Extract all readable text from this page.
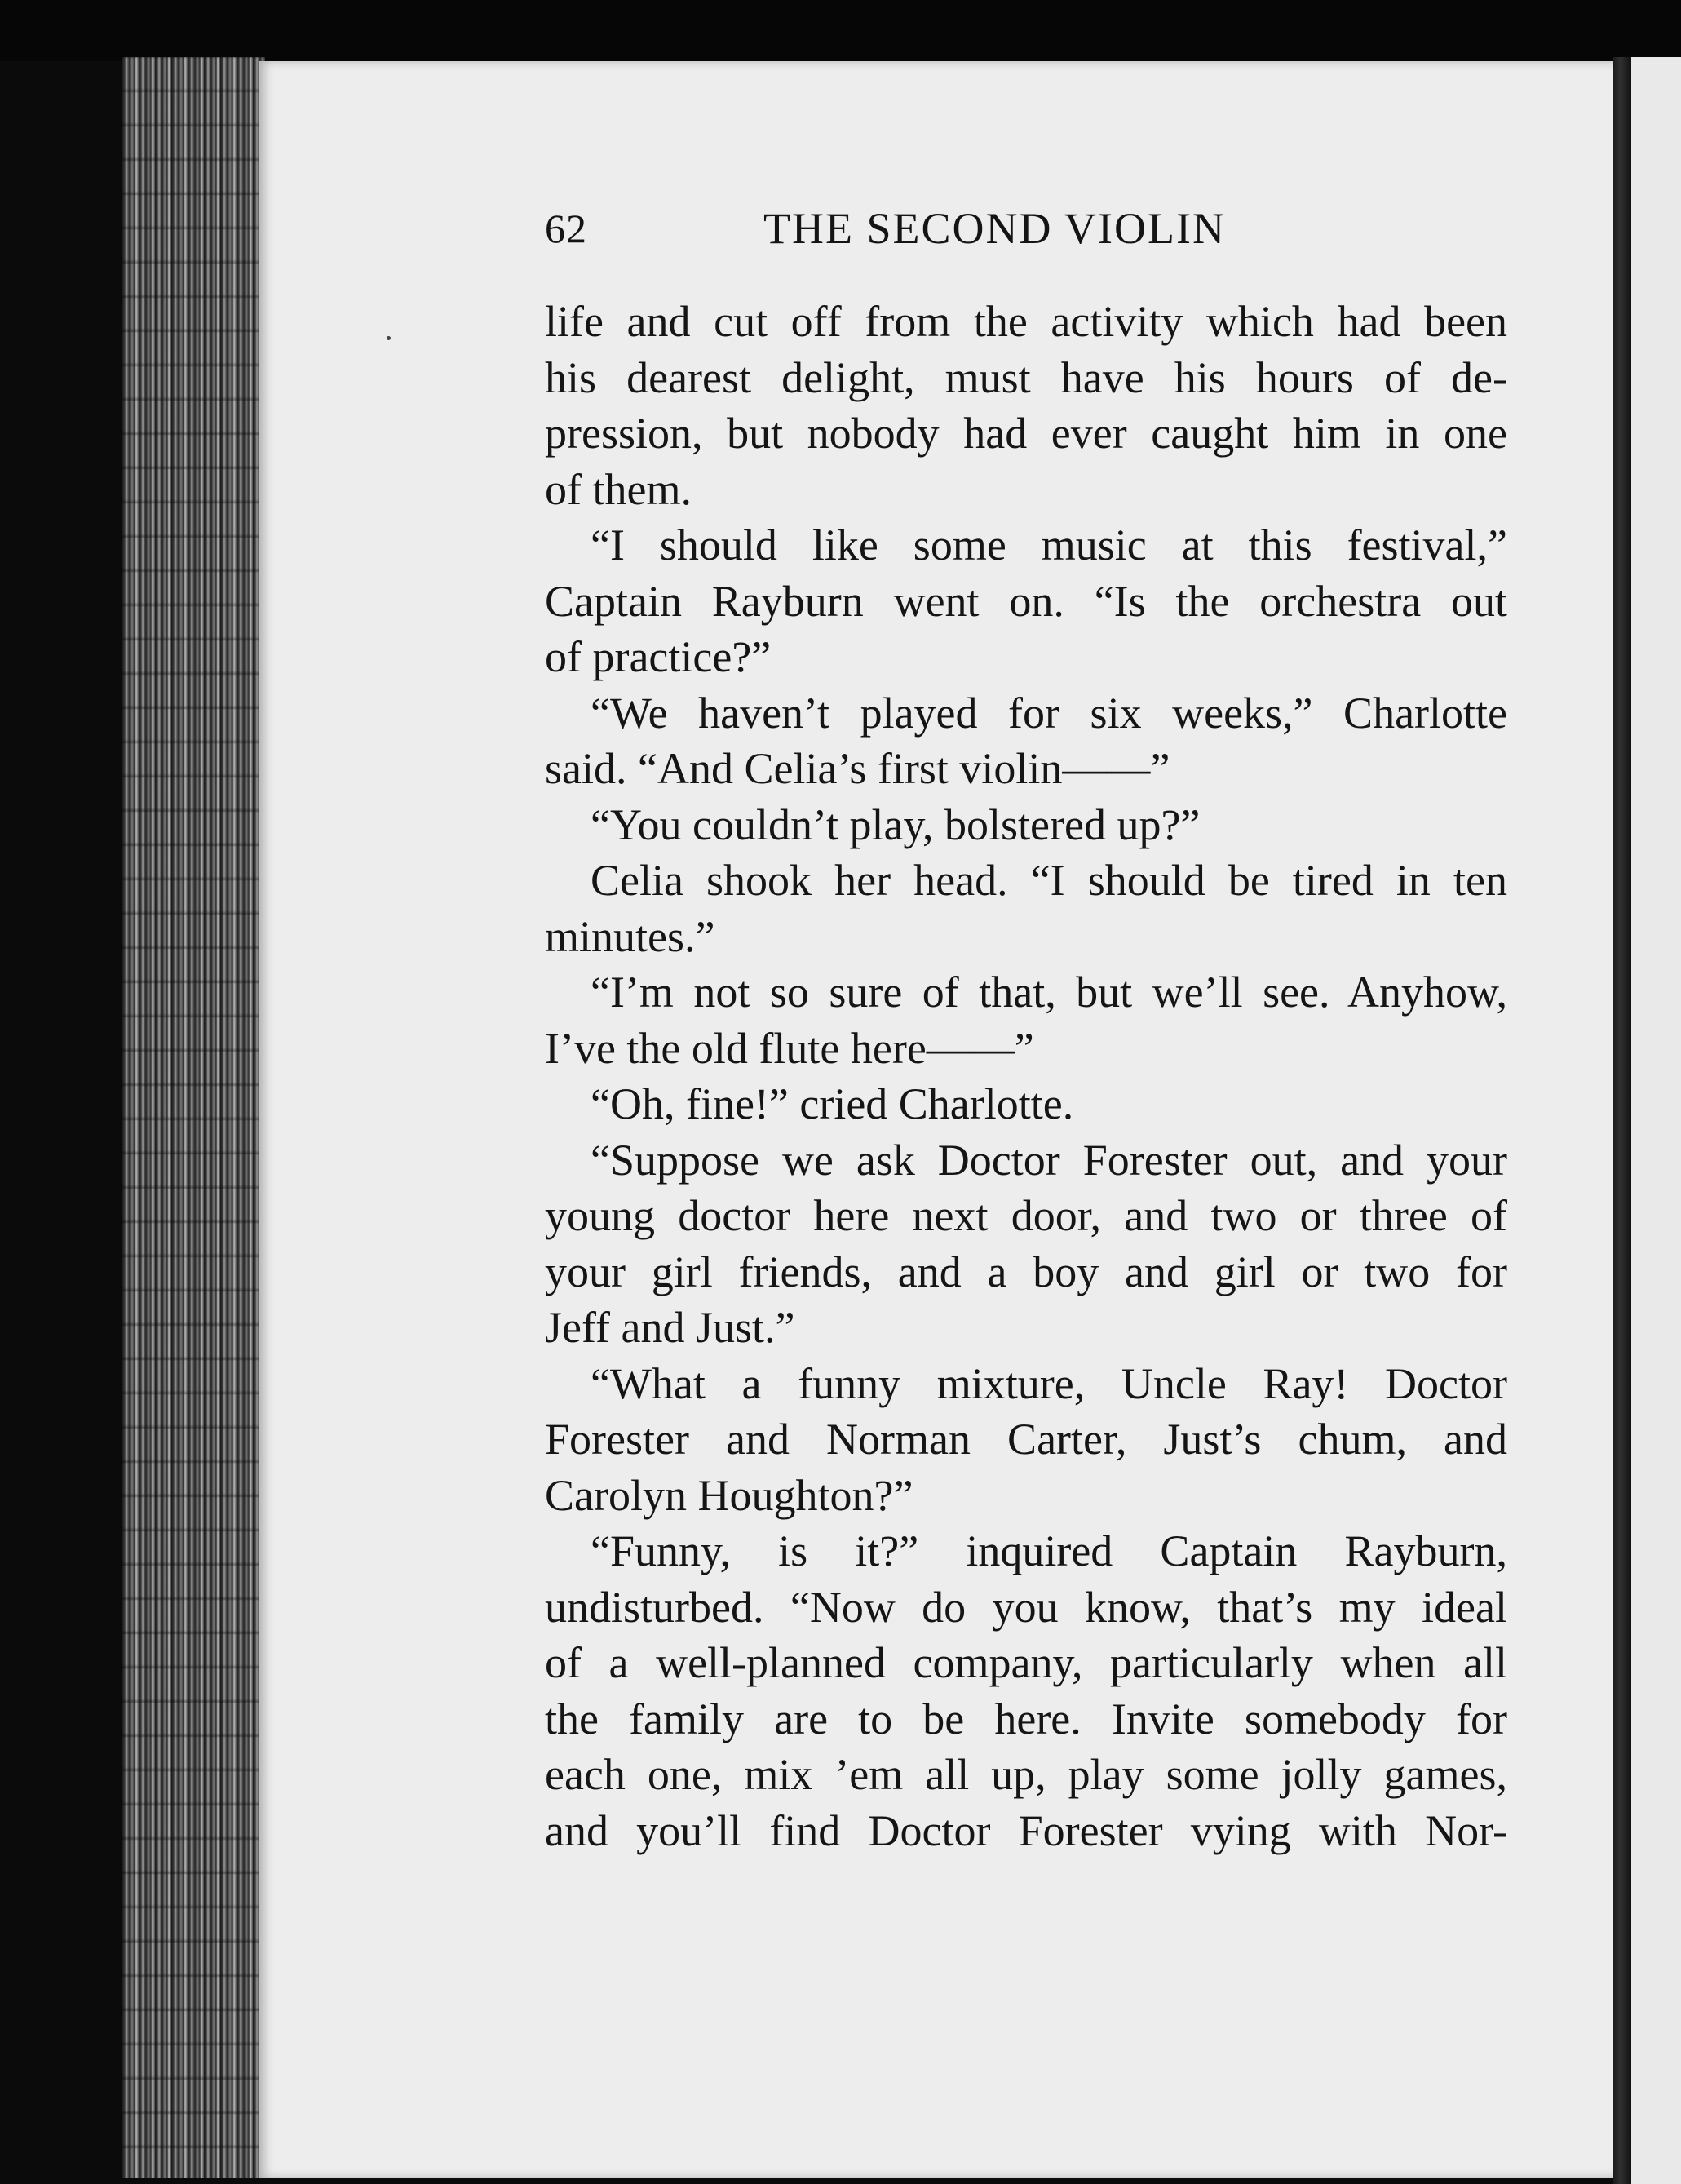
62	THE SECOND VIOLIN
life and cut off from the activity which had been
his dearest delight, must have his hours of de-
pression, but nobody had ever caught him in one
of them.
“I should like some music at this festival,”
Captain Rayburn went on. “Is the orchestra out
of practice?”
“We haven’t played for six weeks,” Charlotte
said. “And Celia’s first violin——”
“You couldn’t play, bolstered up?”
Celia shook her head. “I should be tired in ten
minutes.”
“I’m not so sure of that, but we’ll see. Anyhow,
I’ve the old flute here——”
“Oh, fine!” cried Charlotte.
“Suppose we ask Doctor Forester out, and your
young doctor here next door, and two or three of
your girl friends, and a boy and girl or two for
Jeff and Just.”
“What a funny mixture, Uncle Ray! Doctor
Forester and Norman Carter, Just’s chum, and
Carolyn Houghton?”
“Funny, is it?” inquired Captain Rayburn,
undisturbed. “Now do you know, that’s my ideal
of a well-planned company, particularly when all
the family are to be here. Invite somebody for
each one, mix ’em all up, play some jolly games,
and you’ll find Doctor Forester vying with Nor-
